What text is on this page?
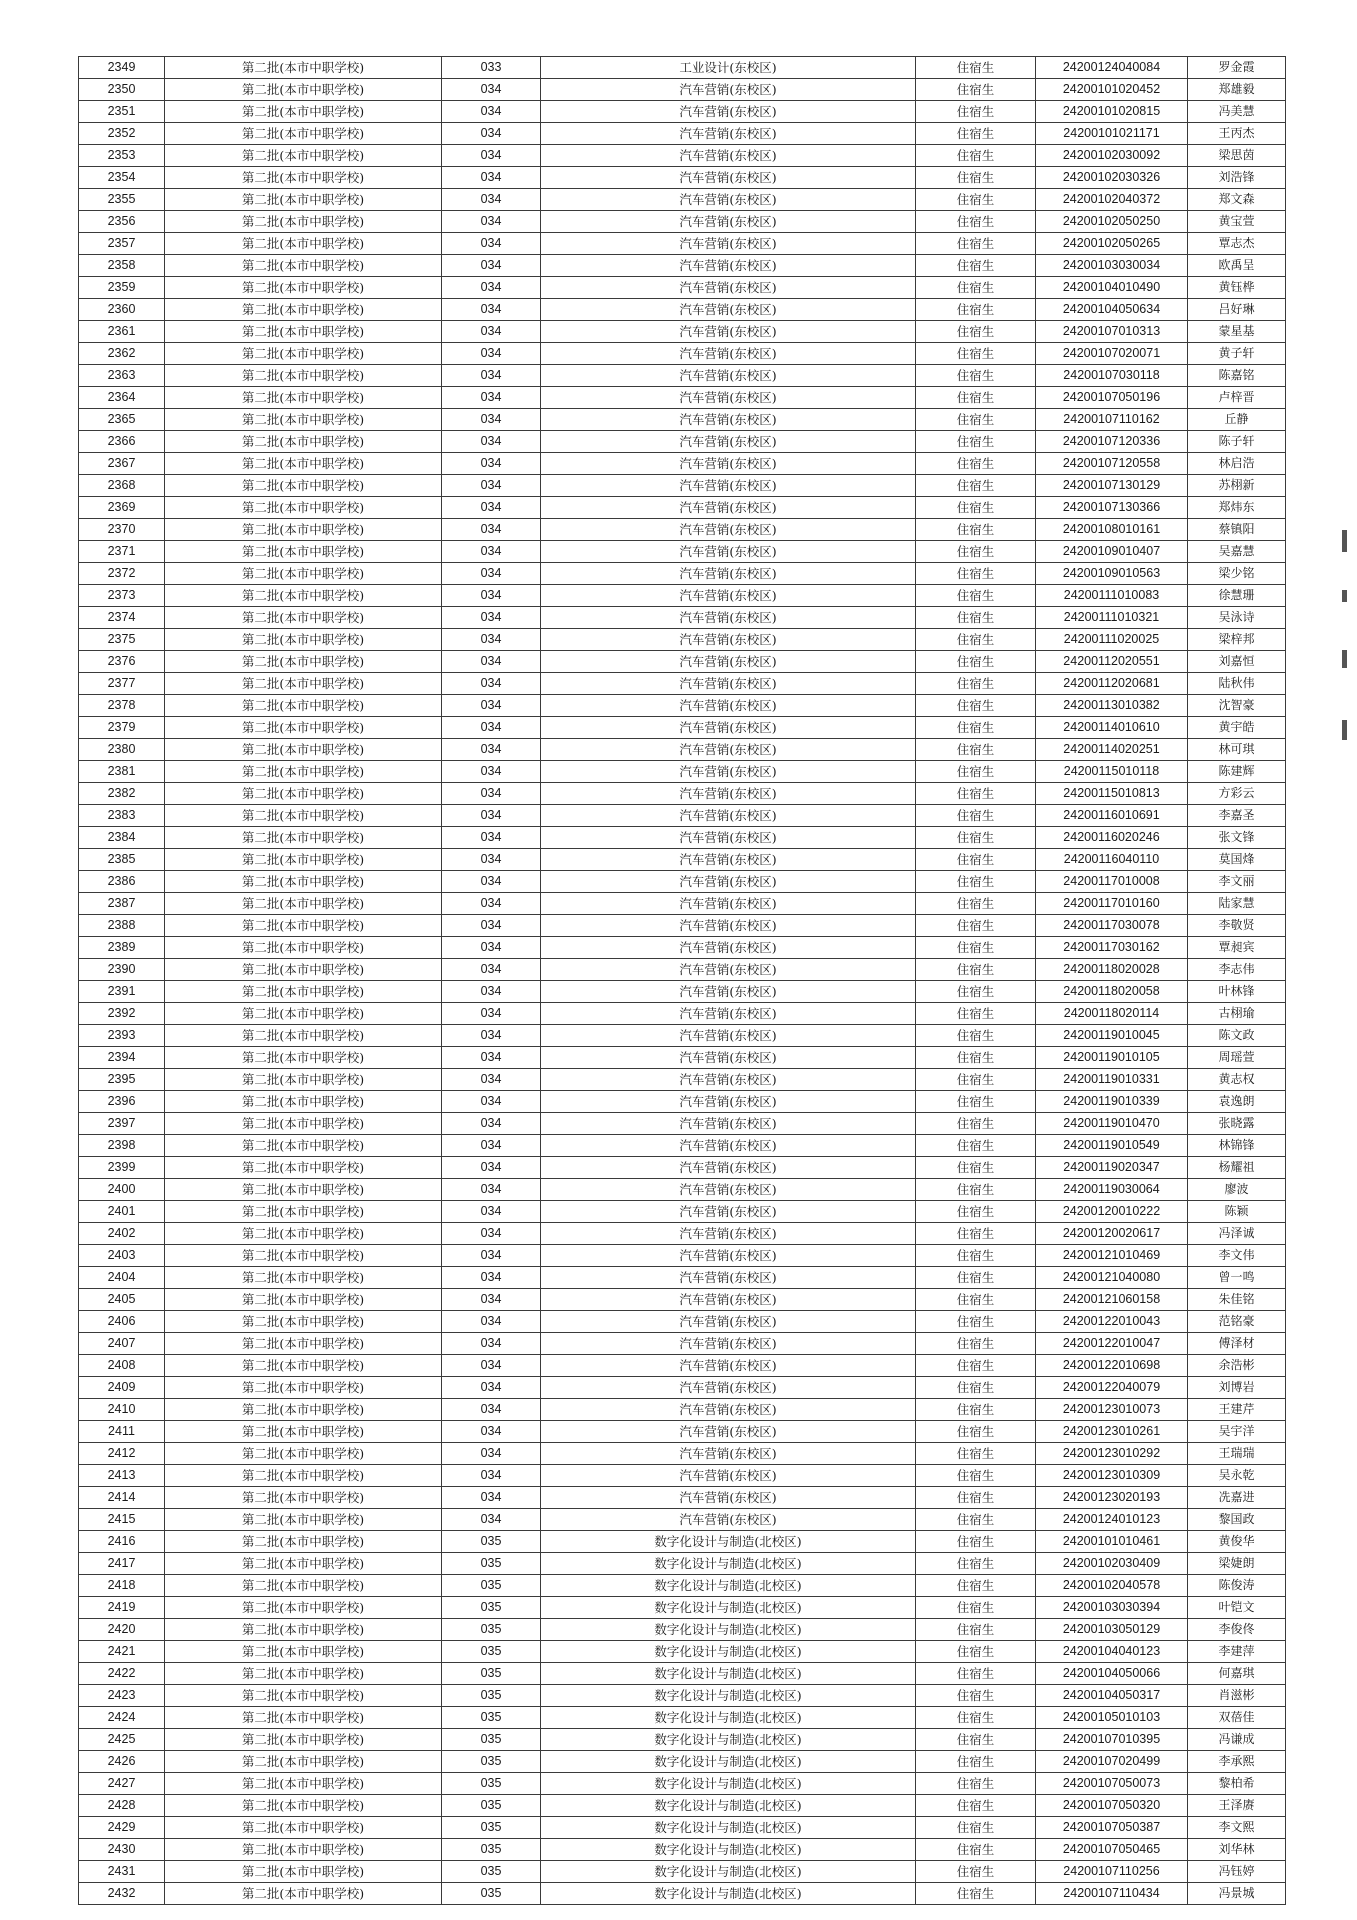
2349	第二批(本市中职学校)	033	工业设计(东校区)	住宿生	24200124040084	罗金霞
2350	第二批(本市中职学校)	034	汽车营销(东校区)	住宿生	24200101020452	郑雄毅
2351	第二批(本市中职学校)	034	汽车营销(东校区)	住宿生	24200101020815	冯美慧
2352	第二批(本市中职学校)	034	汽车营销(东校区)	住宿生	24200101021171	王丙杰
2353	第二批(本市中职学校)	034	汽车营销(东校区)	住宿生	24200102030092	梁思茵
2354	第二批(本市中职学校)	034	汽车营销(东校区)	住宿生	24200102030326	刘浩锋
2355	第二批(本市中职学校)	034	汽车营销(东校区)	住宿生	24200102040372	郑文森
2356	第二批(本市中职学校)	034	汽车营销(东校区)	住宿生	24200102050250	黄宝萱
2357	第二批(本市中职学校)	034	汽车营销(东校区)	住宿生	24200102050265	覃志杰
2358	第二批(本市中职学校)	034	汽车营销(东校区)	住宿生	24200103030034	欧禹呈
2359	第二批(本市中职学校)	034	汽车营销(东校区)	住宿生	24200104010490	黄钰桦
2360	第二批(本市中职学校)	034	汽车营销(东校区)	住宿生	24200104050634	吕好琳
2361	第二批(本市中职学校)	034	汽车营销(东校区)	住宿生	24200107010313	蒙星基
2362	第二批(本市中职学校)	034	汽车营销(东校区)	住宿生	24200107020071	黄子轩
2363	第二批(本市中职学校)	034	汽车营销(东校区)	住宿生	24200107030118	陈嘉铭
2364	第二批(本市中职学校)	034	汽车营销(东校区)	住宿生	24200107050196	卢梓晋
2365	第二批(本市中职学校)	034	汽车营销(东校区)	住宿生	24200107110162	丘静
2366	第二批(本市中职学校)	034	汽车营销(东校区)	住宿生	24200107120336	陈子轩
2367	第二批(本市中职学校)	034	汽车营销(东校区)	住宿生	24200107120558	林启浩
2368	第二批(本市中职学校)	034	汽车营销(东校区)	住宿生	24200107130129	苏栩新
2369	第二批(本市中职学校)	034	汽车营销(东校区)	住宿生	24200107130366	郑炜东
2370	第二批(本市中职学校)	034	汽车营销(东校区)	住宿生	24200108010161	蔡镇阳
2371	第二批(本市中职学校)	034	汽车营销(东校区)	住宿生	24200109010407	吴嘉慧
2372	第二批(本市中职学校)	034	汽车营销(东校区)	住宿生	24200109010563	梁少铭
2373	第二批(本市中职学校)	034	汽车营销(东校区)	住宿生	24200111010083	徐慧珊
2374	第二批(本市中职学校)	034	汽车营销(东校区)	住宿生	24200111010321	吴泳诗
2375	第二批(本市中职学校)	034	汽车营销(东校区)	住宿生	24200111020025	梁梓邦
2376	第二批(本市中职学校)	034	汽车营销(东校区)	住宿生	24200112020551	刘嘉恒
2377	第二批(本市中职学校)	034	汽车营销(东校区)	住宿生	24200112020681	陆秋伟
2378	第二批(本市中职学校)	034	汽车营销(东校区)	住宿生	24200113010382	沈智豪
2379	第二批(本市中职学校)	034	汽车营销(东校区)	住宿生	24200114010610	黄宇皓
2380	第二批(本市中职学校)	034	汽车营销(东校区)	住宿生	24200114020251	林可琪
2381	第二批(本市中职学校)	034	汽车营销(东校区)	住宿生	24200115010118	陈建辉
2382	第二批(本市中职学校)	034	汽车营销(东校区)	住宿生	24200115010813	方彩云
2383	第二批(本市中职学校)	034	汽车营销(东校区)	住宿生	24200116010691	李嘉圣
2384	第二批(本市中职学校)	034	汽车营销(东校区)	住宿生	24200116020246	张文锋
2385	第二批(本市中职学校)	034	汽车营销(东校区)	住宿生	24200116040110	莫国烽
2386	第二批(本市中职学校)	034	汽车营销(东校区)	住宿生	24200117010008	李文丽
2387	第二批(本市中职学校)	034	汽车营销(东校区)	住宿生	24200117010160	陆家慧
2388	第二批(本市中职学校)	034	汽车营销(东校区)	住宿生	24200117030078	李敬贤
2389	第二批(本市中职学校)	034	汽车营销(东校区)	住宿生	24200117030162	覃昶宾
2390	第二批(本市中职学校)	034	汽车营销(东校区)	住宿生	24200118020028	李志伟
2391	第二批(本市中职学校)	034	汽车营销(东校区)	住宿生	24200118020058	叶林锋
2392	第二批(本市中职学校)	034	汽车营销(东校区)	住宿生	24200118020114	古栩瑜
2393	第二批(本市中职学校)	034	汽车营销(东校区)	住宿生	24200119010045	陈文政
2394	第二批(本市中职学校)	034	汽车营销(东校区)	住宿生	24200119010105	周瑶萱
2395	第二批(本市中职学校)	034	汽车营销(东校区)	住宿生	24200119010331	黄志权
2396	第二批(本市中职学校)	034	汽车营销(东校区)	住宿生	24200119010339	袁逸朗
2397	第二批(本市中职学校)	034	汽车营销(东校区)	住宿生	24200119010470	张晓露
2398	第二批(本市中职学校)	034	汽车营销(东校区)	住宿生	24200119010549	林锦锋
2399	第二批(本市中职学校)	034	汽车营销(东校区)	住宿生	24200119020347	杨耀祖
2400	第二批(本市中职学校)	034	汽车营销(东校区)	住宿生	24200119030064	廖波
2401	第二批(本市中职学校)	034	汽车营销(东校区)	住宿生	24200120010222	陈颖
2402	第二批(本市中职学校)	034	汽车营销(东校区)	住宿生	24200120020617	冯泽诚
2403	第二批(本市中职学校)	034	汽车营销(东校区)	住宿生	24200121010469	李文伟
2404	第二批(本市中职学校)	034	汽车营销(东校区)	住宿生	24200121040080	曾一鸣
2405	第二批(本市中职学校)	034	汽车营销(东校区)	住宿生	24200121060158	朱佳铭
2406	第二批(本市中职学校)	034	汽车营销(东校区)	住宿生	24200122010043	范铭豪
2407	第二批(本市中职学校)	034	汽车营销(东校区)	住宿生	24200122010047	傅泽材
2408	第二批(本市中职学校)	034	汽车营销(东校区)	住宿生	24200122010698	余浩彬
2409	第二批(本市中职学校)	034	汽车营销(东校区)	住宿生	24200122040079	刘博岩
2410	第二批(本市中职学校)	034	汽车营销(东校区)	住宿生	24200123010073	王建芹
2411	第二批(本市中职学校)	034	汽车营销(东校区)	住宿生	24200123010261	吴宇洋
2412	第二批(本市中职学校)	034	汽车营销(东校区)	住宿生	24200123010292	王瑞瑞
2413	第二批(本市中职学校)	034	汽车营销(东校区)	住宿生	24200123010309	吴永乾
2414	第二批(本市中职学校)	034	汽车营销(东校区)	住宿生	24200123020193	冼嘉进
2415	第二批(本市中职学校)	034	汽车营销(东校区)	住宿生	24200124010123	黎国政
2416	第二批(本市中职学校)	035	数字化设计与制造(北校区)	住宿生	24200101010461	黄俊华
2417	第二批(本市中职学校)	035	数字化设计与制造(北校区)	住宿生	24200102030409	梁婕朗
2418	第二批(本市中职学校)	035	数字化设计与制造(北校区)	住宿生	24200102040578	陈俊涛
2419	第二批(本市中职学校)	035	数字化设计与制造(北校区)	住宿生	24200103030394	叶铠文
2420	第二批(本市中职学校)	035	数字化设计与制造(北校区)	住宿生	24200103050129	李俊佟
2421	第二批(本市中职学校)	035	数字化设计与制造(北校区)	住宿生	24200104040123	李建萍
2422	第二批(本市中职学校)	035	数字化设计与制造(北校区)	住宿生	24200104050066	何嘉琪
2423	第二批(本市中职学校)	035	数字化设计与制造(北校区)	住宿生	24200104050317	肖滋彬
2424	第二批(本市中职学校)	035	数字化设计与制造(北校区)	住宿生	24200105010103	双蓓佳
2425	第二批(本市中职学校)	035	数字化设计与制造(北校区)	住宿生	24200107010395	冯谦成
2426	第二批(本市中职学校)	035	数字化设计与制造(北校区)	住宿生	24200107020499	李承熙
2427	第二批(本市中职学校)	035	数字化设计与制造(北校区)	住宿生	24200107050073	黎柏希
2428	第二批(本市中职学校)	035	数字化设计与制造(北校区)	住宿生	24200107050320	王泽赓
2429	第二批(本市中职学校)	035	数字化设计与制造(北校区)	住宿生	24200107050387	李文熙
2430	第二批(本市中职学校)	035	数字化设计与制造(北校区)	住宿生	24200107050465	刘华林
2431	第二批(本市中职学校)	035	数字化设计与制造(北校区)	住宿生	24200107110256	冯钰婷
2432	第二批(本市中职学校)	035	数字化设计与制造(北校区)	住宿生	24200107110434	冯景城
